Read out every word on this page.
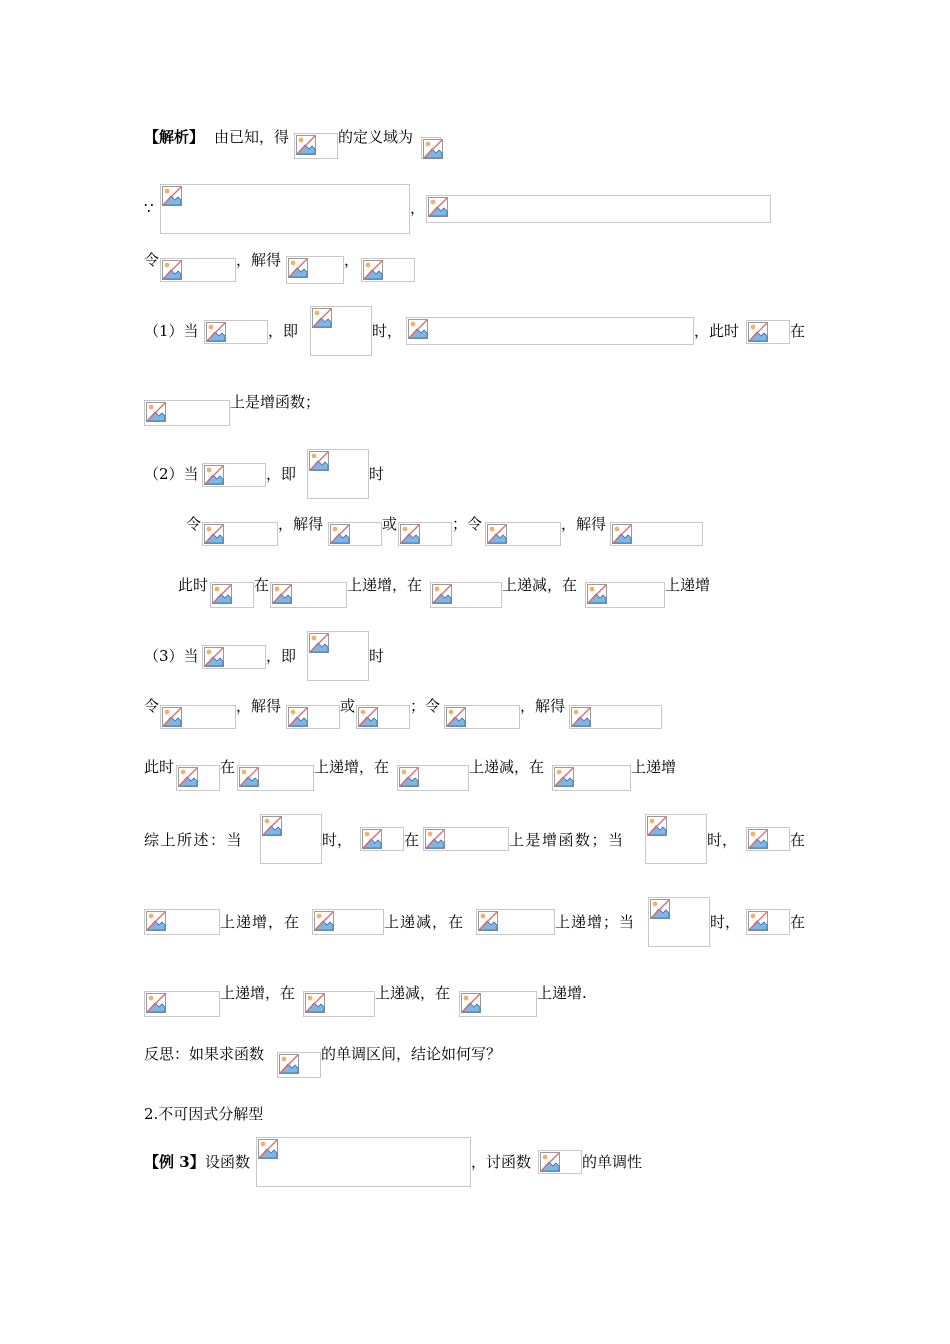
【解析】 由已知，得	的定义域为
∵	，
令	，解得	，
（1）当	，即	时，	，此时	在
上是增函数；
（2）当	，即	时
令	，解得	或	；令	，解得
此时	在	上递增，在	上递减，在	上递增
（3）当	，即	时
令	，解得	或	；令	，解得
此时	在	上递增，在	上递减，在	上递增
综上所述：当	时，	在	上是增函数；当	时，	在
上递增，在	上递减，在	上递增；当	时，	在
上递增，在	上递减，在	上递增.
反思：如果求函数	的单调区间，结论如何写？
2.不可因式分解型
【例 3】 设函数	，讨函数	的单调性
